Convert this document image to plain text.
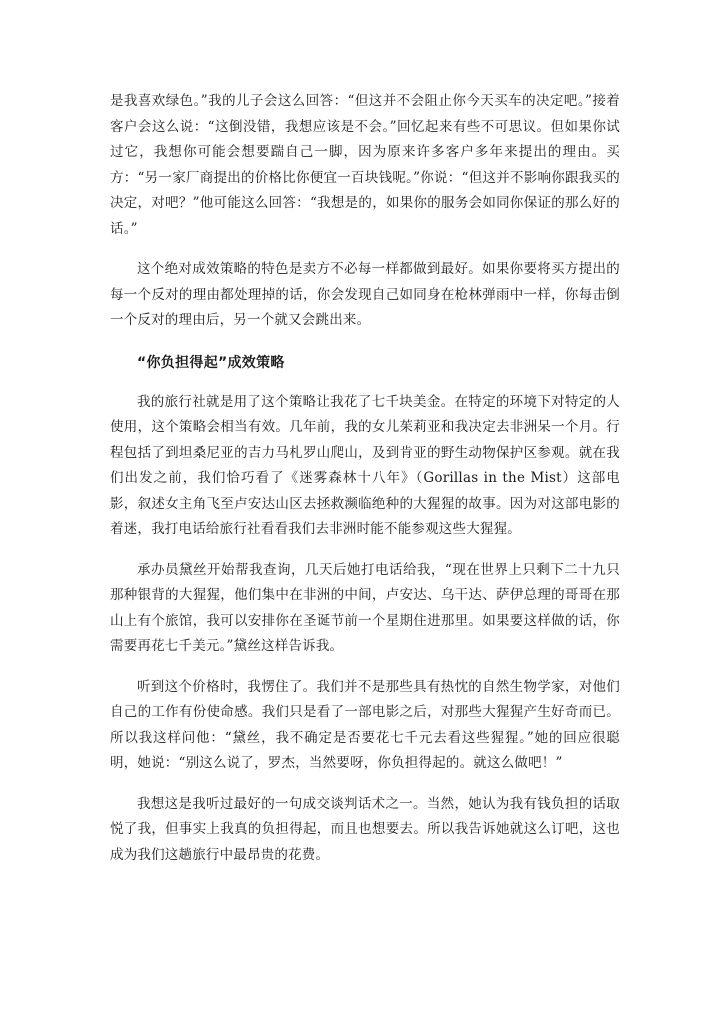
是我喜欢绿色。”我的儿子会这么回答：“但这并不会阻止你今天买车的决定吧。”接着客户会这么说：“这倒没错，我想应该是不会。”回忆起来有些不可思议。但如果你试过它，我想你可能会想要踹自己一脚，因为原来许多客户多年来提出的理由。买方：“另一家厂商提出的价格比你便宜一百块钱呢。”你说：“但这并不影响你跟我买的决定，对吧？”他可能这么回答：“我想是的，如果你的服务会如同你保证的那么好的话。”

这个绝对成效策略的特色是卖方不必每一样都做到最好。如果你要将买方提出的每一个反对的理由都处理掉的话，你会发现自己如同身在枪林弹雨中一样，你每击倒一个反对的理由后，另一个就又会跳出来。

“你负担得起”成效策略

我的旅行社就是用了这个策略让我花了七千块美金。在特定的环境下对特定的人使用，这个策略会相当有效。几年前，我的女儿茱莉亚和我决定去非洲呆一个月。行程包括了到坦桑尼亚的吉力马札罗山爬山，及到肯亚的野生动物保护区参观。就在我们出发之前，我们恰巧看了《迷雾森林十八年》（Gorillas in the Mist）这部电影，叙述女主角飞至卢安达山区去拯救濒临绝种的大猩猩的故事。因为对这部电影的着迷，我打电话给旅行社看看我们去非洲时能不能参观这些大猩猩。

承办员黛丝开始帮我查询，几天后她打电话给我，“现在世界上只剩下二十九只那种银背的大猩猩，他们集中在非洲的中间，卢安达、乌干达、萨伊总理的哥哥在那山上有个旅馆，我可以安排你在圣诞节前一个星期住进那里。如果要这样做的话，你需要再花七千美元。”黛丝这样告诉我。

听到这个价格时，我愣住了。我们并不是那些具有热忱的自然生物学家，对他们自己的工作有份使命感。我们只是看了一部电影之后，对那些大猩猩产生好奇而已。所以我这样问他：“黛丝，我不确定是否要花七千元去看这些猩猩。”她的回应很聪明，她说：“别这么说了，罗杰，当然要呀，你负担得起的。就这么做吧！”

我想这是我听过最好的一句成交谈判话术之一。当然，她认为我有钱负担的话取悦了我，但事实上我真的负担得起，而且也想要去。所以我告诉她就这么订吧，这也成为我们这趟旅行中最昂贵的花费。
